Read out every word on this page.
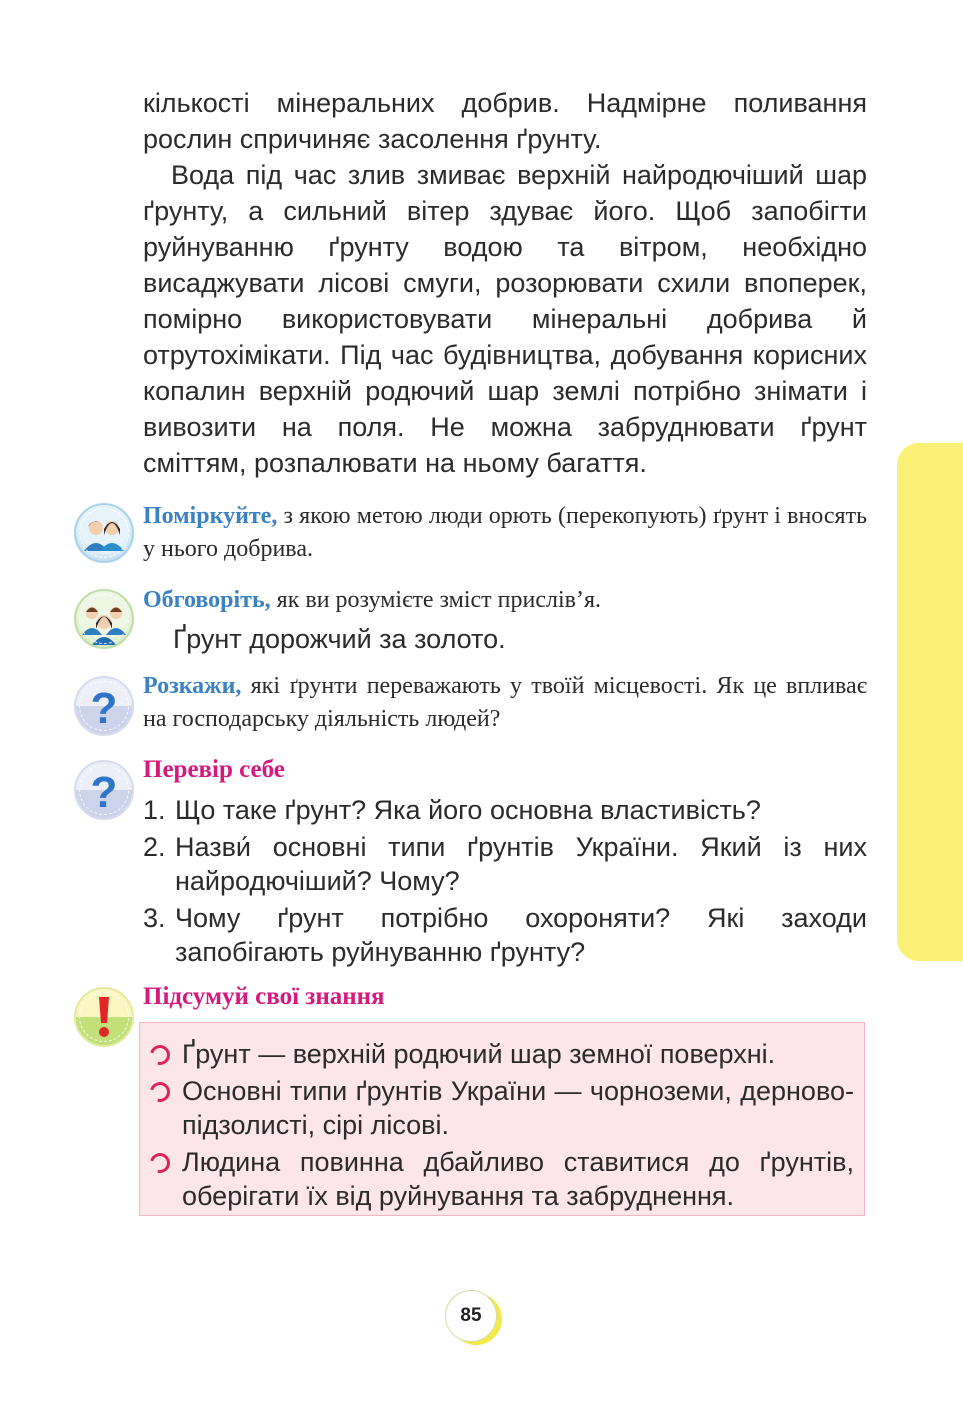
кількості мінеральних добрив. Надмірне поливання рослин спричиняє засолення ґрунту.

Вода під час злив змиває верхній найродючіший шар ґрунту, а сильний вітер здуває його. Щоб запобігти руйнуванню ґрунту водою та вітром, необхідно висаджувати лісові смуги, розорювати схили впоперек, помірно використовувати мінеральні добрива й отрутохімікати. Під час будівництва, добування корисних копалин верхній родючий шар землі потрібно знімати і вивозити на поля. Не можна забруднювати ґрунт сміттям, розпалювати на ньому багаття.

Поміркуйте, з якою метою люди орють (перекопують) ґрунт і вносять у нього добрива.
Обговоріть, як ви розумієте зміст прислів’я.
Ґрунт дорожчий за золото.
? Розкажи, які ґрунти переважають у твоїй місцевості. Як це впливає на господарську діяльність людей?
? Перевір себе
1. Що таке ґрунт? Яка його основна властивість?
2. Назви́ основні типи ґрунтів України. Який із них найродючіший? Чому?
3. Чому ґрунт потрібно охороняти? Які заходи запобігають руйнуванню ґрунту?
Підсумуй свої знання
Ґрунт — верхній родючий шар земної поверхні.
Основні типи ґрунтів України — чорноземи, дерново-підзолисті, сірі лісові.
Людина повинна дбайливо ставитися до ґрунтів, оберігати їх від руйнування та забруднення.
85
